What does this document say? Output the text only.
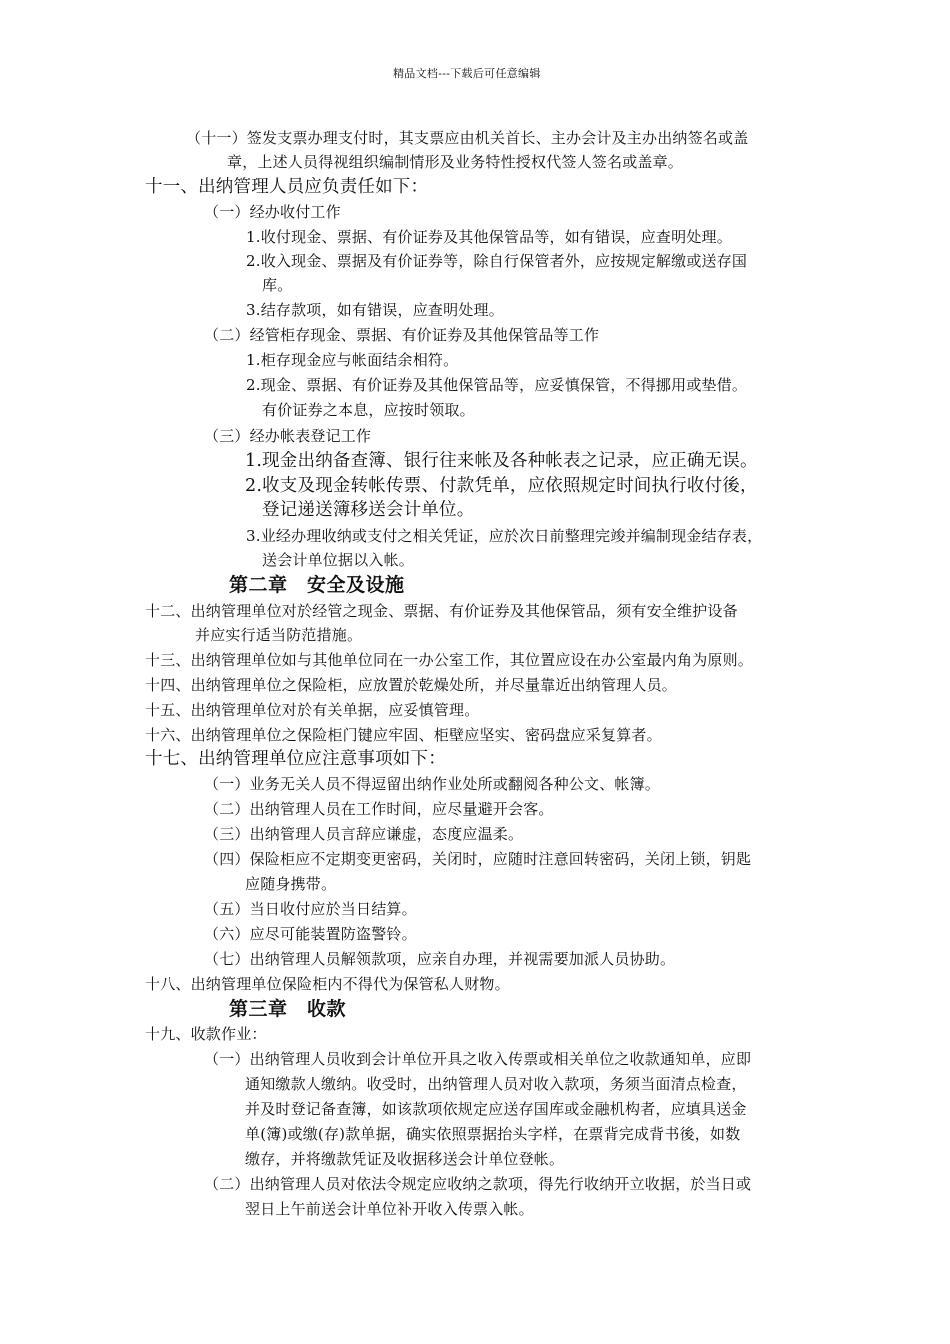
精品文档---下载后可任意编辑
（十一）签发支票办理支付时，其支票应由机关首长、主办会计及主办出纳签名或盖
章，上述人员得视组织编制情形及业务特性授权代签人签名或盖章。
十一、出纳管理人员应负责任如下：
（一）经办收付工作
1.收付现金、票据、有价证券及其他保管品等，如有错误，应查明处理。
2.收入现金、票据及有价证券等，除自行保管者外，应按规定解缴或送存国
库。
3.结存款项，如有错误，应查明处理。
（二）经管柜存现金、票据、有价证券及其他保管品等工作
1.柜存现金应与帐面结余相符。
2.现金、票据、有价证券及其他保管品等，应妥慎保管，不得挪用或垫借。
有价证券之本息，应按时领取。
（三）经办帐表登记工作
1.现金出纳备查簿、银行往来帐及各种帐表之记录，应正确无误。
2.收支及现金转帐传票、付款凭单，应依照规定时间执行收付後，
登记递送簿移送会计单位。
3.业经办理收纳或支付之相关凭证，应於次日前整理完竣并编制现金结存表，
送会计单位据以入帐。
第二章　安全及设施
十二、出纳管理单位对於经管之现金、票据、有价证券及其他保管品，须有安全维护设备
并应实行适当防范措施。
十三、出纳管理单位如与其他单位同在一办公室工作，其位置应设在办公室最内角为原则。
十四、出纳管理单位之保险柜，应放置於乾燥处所，并尽量靠近出纳管理人员。
十五、出纳管理单位对於有关单据，应妥慎管理。
十六、出纳管理单位之保险柜门键应牢固、柜壁应坚实、密码盘应采复算者。
十七、出纳管理单位应注意事项如下：
（一）业务无关人员不得逗留出纳作业处所或翻阅各种公文、帐簿。
（二）出纳管理人员在工作时间，应尽量避开会客。
（三）出纳管理人员言辞应谦虚，态度应温柔。
（四）保险柜应不定期变更密码，关闭时，应随时注意回转密码，关闭上锁，钥匙
应随身携带。
（五）当日收付应於当日结算。
（六）应尽可能装置防盗警铃。
（七）出纳管理人员解领款项，应亲自办理，并视需要加派人员协助。
十八、出纳管理单位保险柜内不得代为保管私人财物。
第三章　收款
十九、收款作业：
（一）出纳管理人员收到会计单位开具之收入传票或相关单位之收款通知单，应即
通知缴款人缴纳。收受时，出纳管理人员对收入款项，务须当面清点检查，
并及时登记备查簿，如该款项依规定应送存国库或金融机构者，应填具送金
单(簿)或缴(存)款单据，确实依照票据抬头字样，在票背完成背书後，如数
缴存，并将缴款凭证及收据移送会计单位登帐。
（二）出纳管理人员对依法令规定应收纳之款项，得先行收纳开立收据，於当日或
翌日上午前送会计单位补开收入传票入帐。
